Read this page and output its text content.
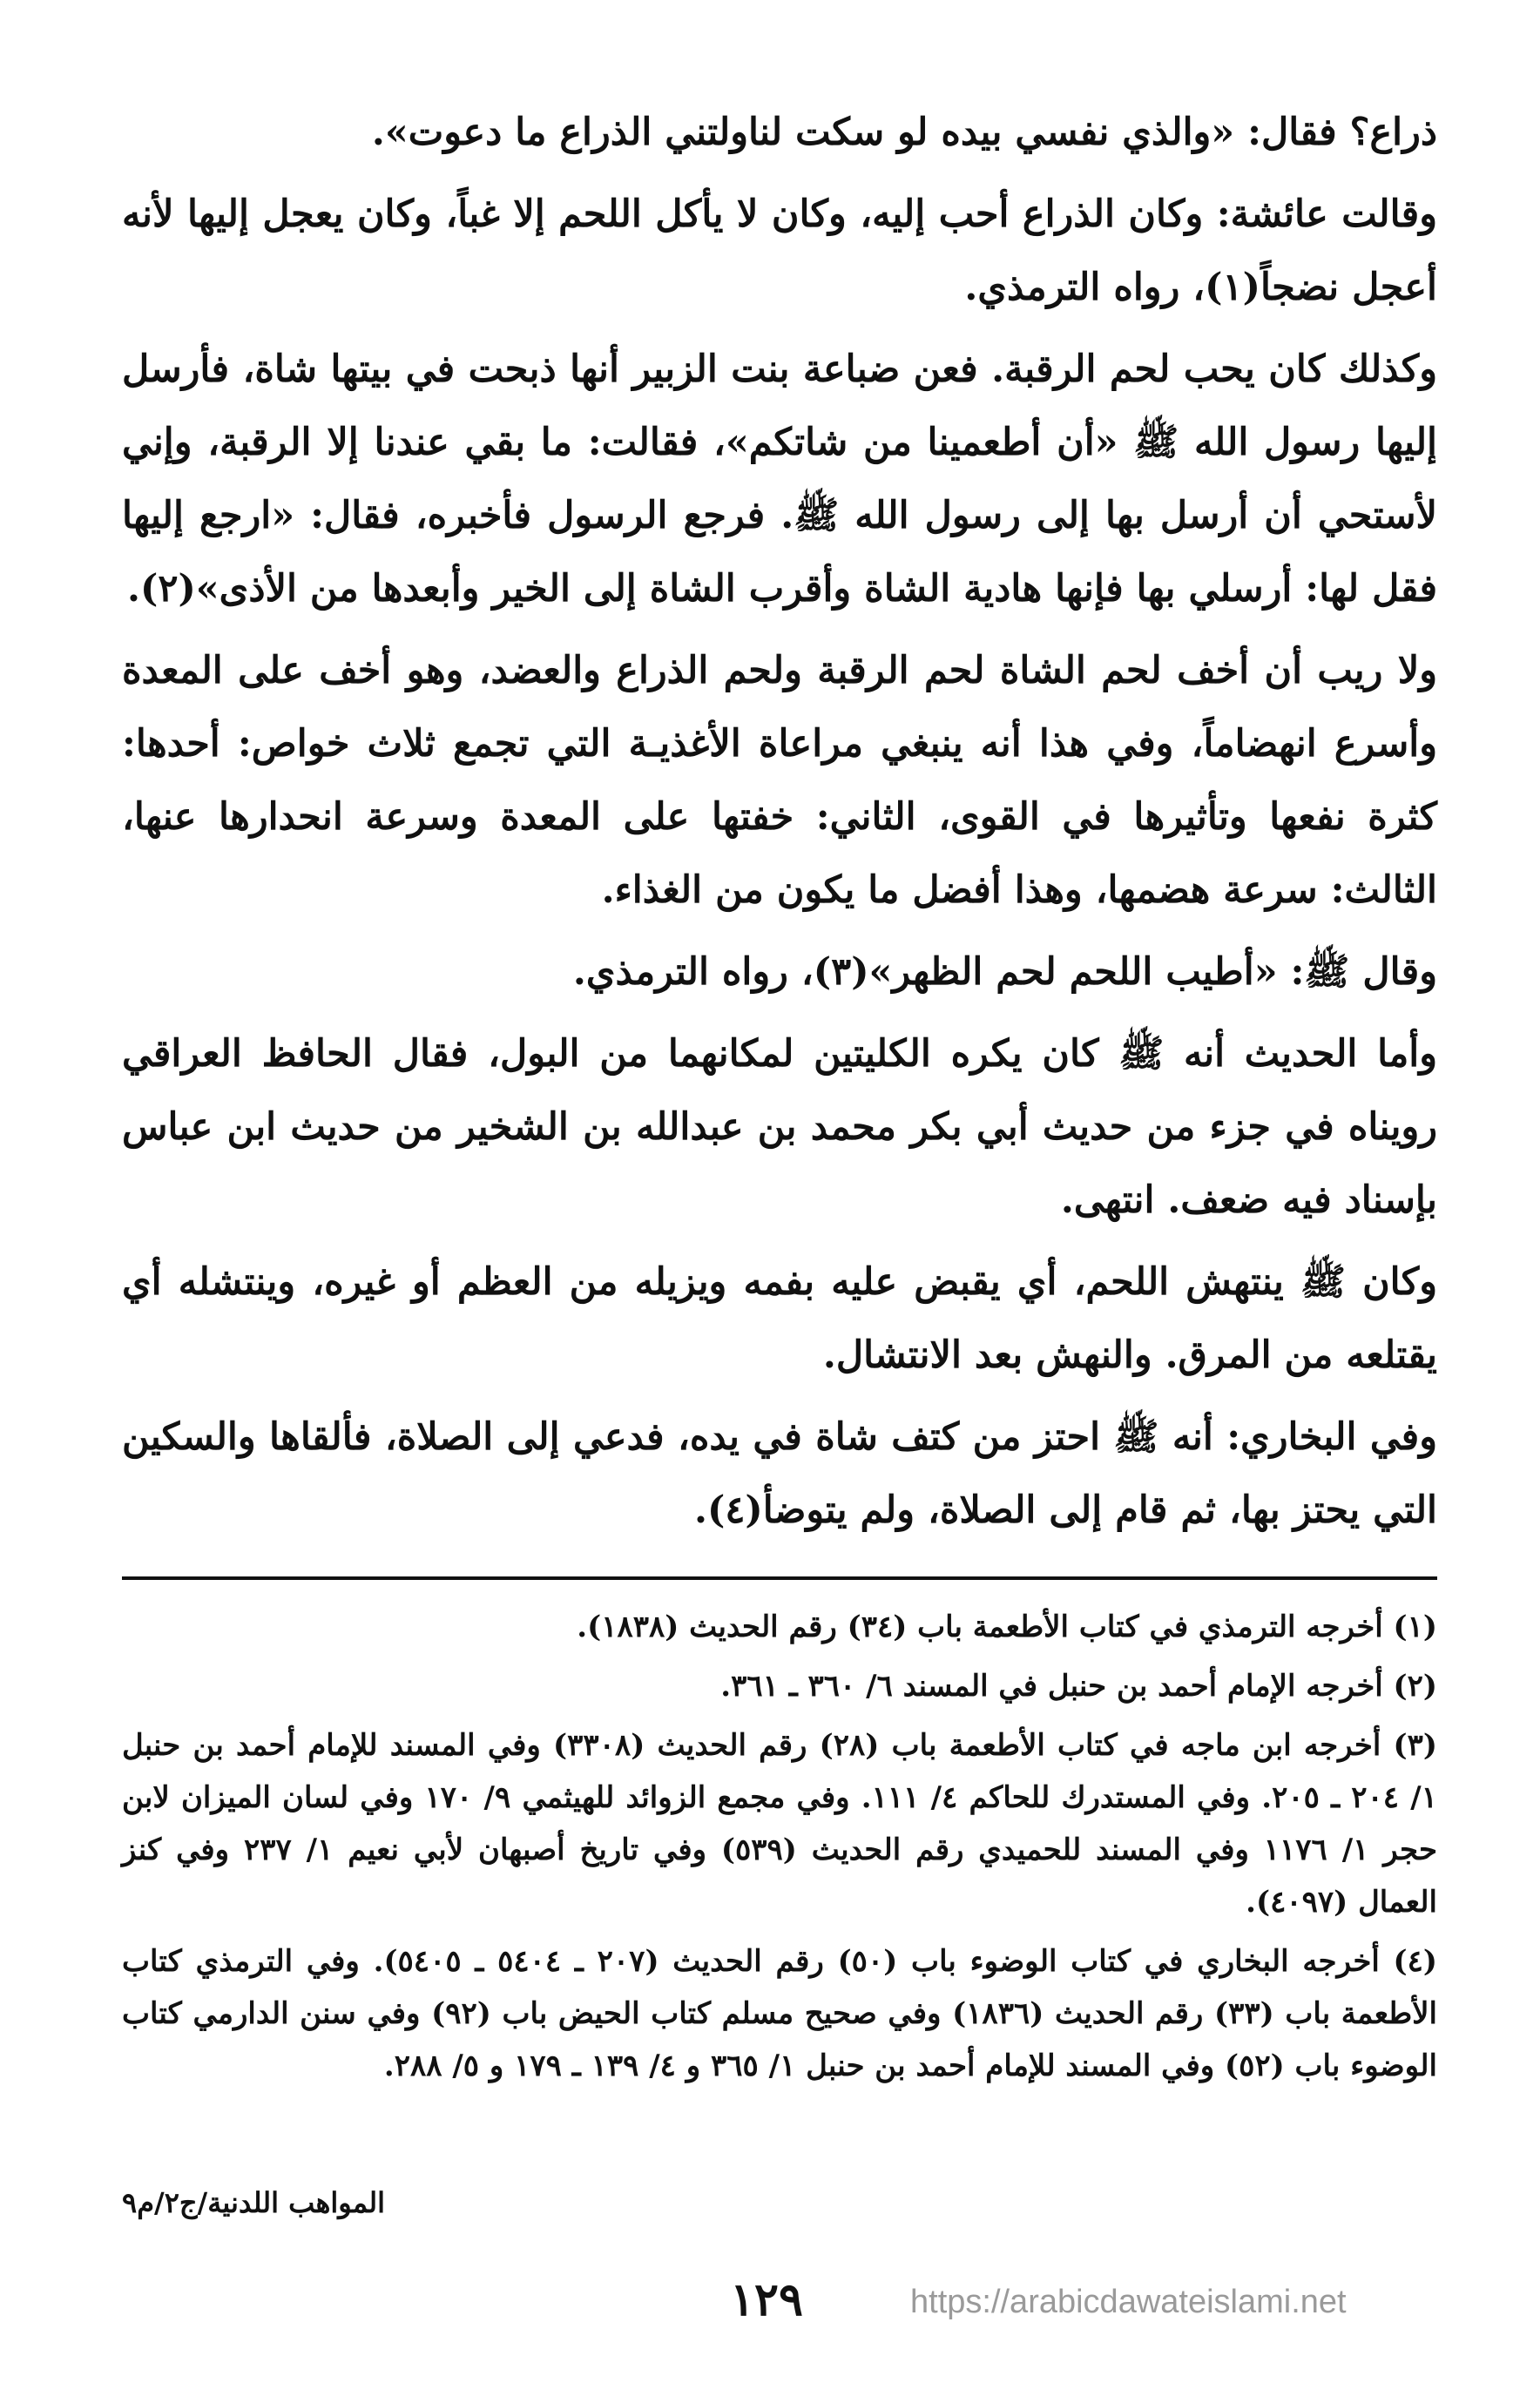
ذراع؟ فقال: «والذي نفسي بيده لو سكت لناولتني الذراع ما دعوت».

وقالت عائشة: وكان الذراع أحب إليه، وكان لا يأكل اللحم إلا غباً، وكان يعجل إليها لأنه أعجل نضجاً(١)، رواه الترمذي.

وكذلك كان يحب لحم الرقبة. فعن ضباعة بنت الزبير أنها ذبحت في بيتها شاة، فأرسل إليها رسول الله ﷺ «أن أطعمينا من شاتكم»، فقالت: ما بقي عندنا إلا الرقبة، وإني لأستحي أن أرسل بها إلى رسول الله ﷺ. فرجع الرسول فأخبره، فقال: «ارجع إليها فقل لها: أرسلي بها فإنها هادية الشاة وأقرب الشاة إلى الخير وأبعدها من الأذى»(٢).

ولا ريب أن أخف لحم الشاة لحم الرقبة ولحم الذراع والعضد، وهو أخف على المعدة وأسرع انهضاماً، وفي هذا أنه ينبغي مراعاة الأغذيـة التي تجمع ثلاث خواص: أحدها: كثرة نفعها وتأثيرها في القوى، الثاني: خفتها على المعدة وسرعة انحدارها عنها، الثالث: سرعة هضمها، وهذا أفضل ما يكون من الغذاء.

وقال ﷺ: «أطيب اللحم لحم الظهر»(٣)، رواه الترمذي.

وأما الحديث أنه ﷺ كان يكره الكليتين لمكانهما من البول، فقال الحافظ العراقي رويناه في جزء من حديث أبي بكر محمد بن عبدالله بن الشخير من حديث ابن عباس بإسناد فيه ضعف. انتهى.

وكان ﷺ ينتهش اللحم، أي يقبض عليه بفمه ويزيله من العظم أو غيره، وينتشله أي يقتلعه من المرق. والنهش بعد الانتشال.

وفي البخاري: أنه ﷺ احتز من كتف شاة في يده، فدعي إلى الصلاة، فألقاها والسكين التي يحتز بها، ثم قام إلى الصلاة، ولم يتوضأ(٤).

(١) أخرجه الترمذي في كتاب الأطعمة باب (٣٤) رقم الحديث (١٨٣٨).

(٢) أخرجه الإمام أحمد بن حنبل في المسند ٦/ ٣٦٠ ـ ٣٦١.

(٣) أخرجه ابن ماجه في كتاب الأطعمة باب (٢٨) رقم الحديث (٣٣٠٨) وفي المسند للإمام أحمد بن حنبل ١/ ٢٠٤ ـ ٢٠٥. وفي المستدرك للحاكم ٤/ ١١١. وفي مجمع الزوائد للهيثمي ٩/ ١٧٠ وفي لسان الميزان لابن حجر ١/ ١١٧٦ وفي المسند للحميدي رقم الحديث (٥٣٩) وفي تاريخ أصبهان لأبي نعيم ١/ ٢٣٧ وفي كنز العمال (٤٠٩٧).

(٤) أخرجه البخاري في كتاب الوضوء باب (٥٠) رقم الحديث (٢٠٧ ـ ٥٤٠٤ ـ ٥٤٠٥). وفي الترمذي كتاب الأطعمة باب (٣٣) رقم الحديث (١٨٣٦) وفي صحيح مسلم كتاب الحيض باب (٩٢) وفي سنن الدارمي كتاب الوضوء باب (٥٢) وفي المسند للإمام أحمد بن حنبل ١/ ٣٦٥ و ٤/ ١٣٩ ـ ١٧٩ و ٥/ ٢٨٨.

المواهب اللدنية/ج٢/م٩
١٢٩	https://arabicdawateislami.net
